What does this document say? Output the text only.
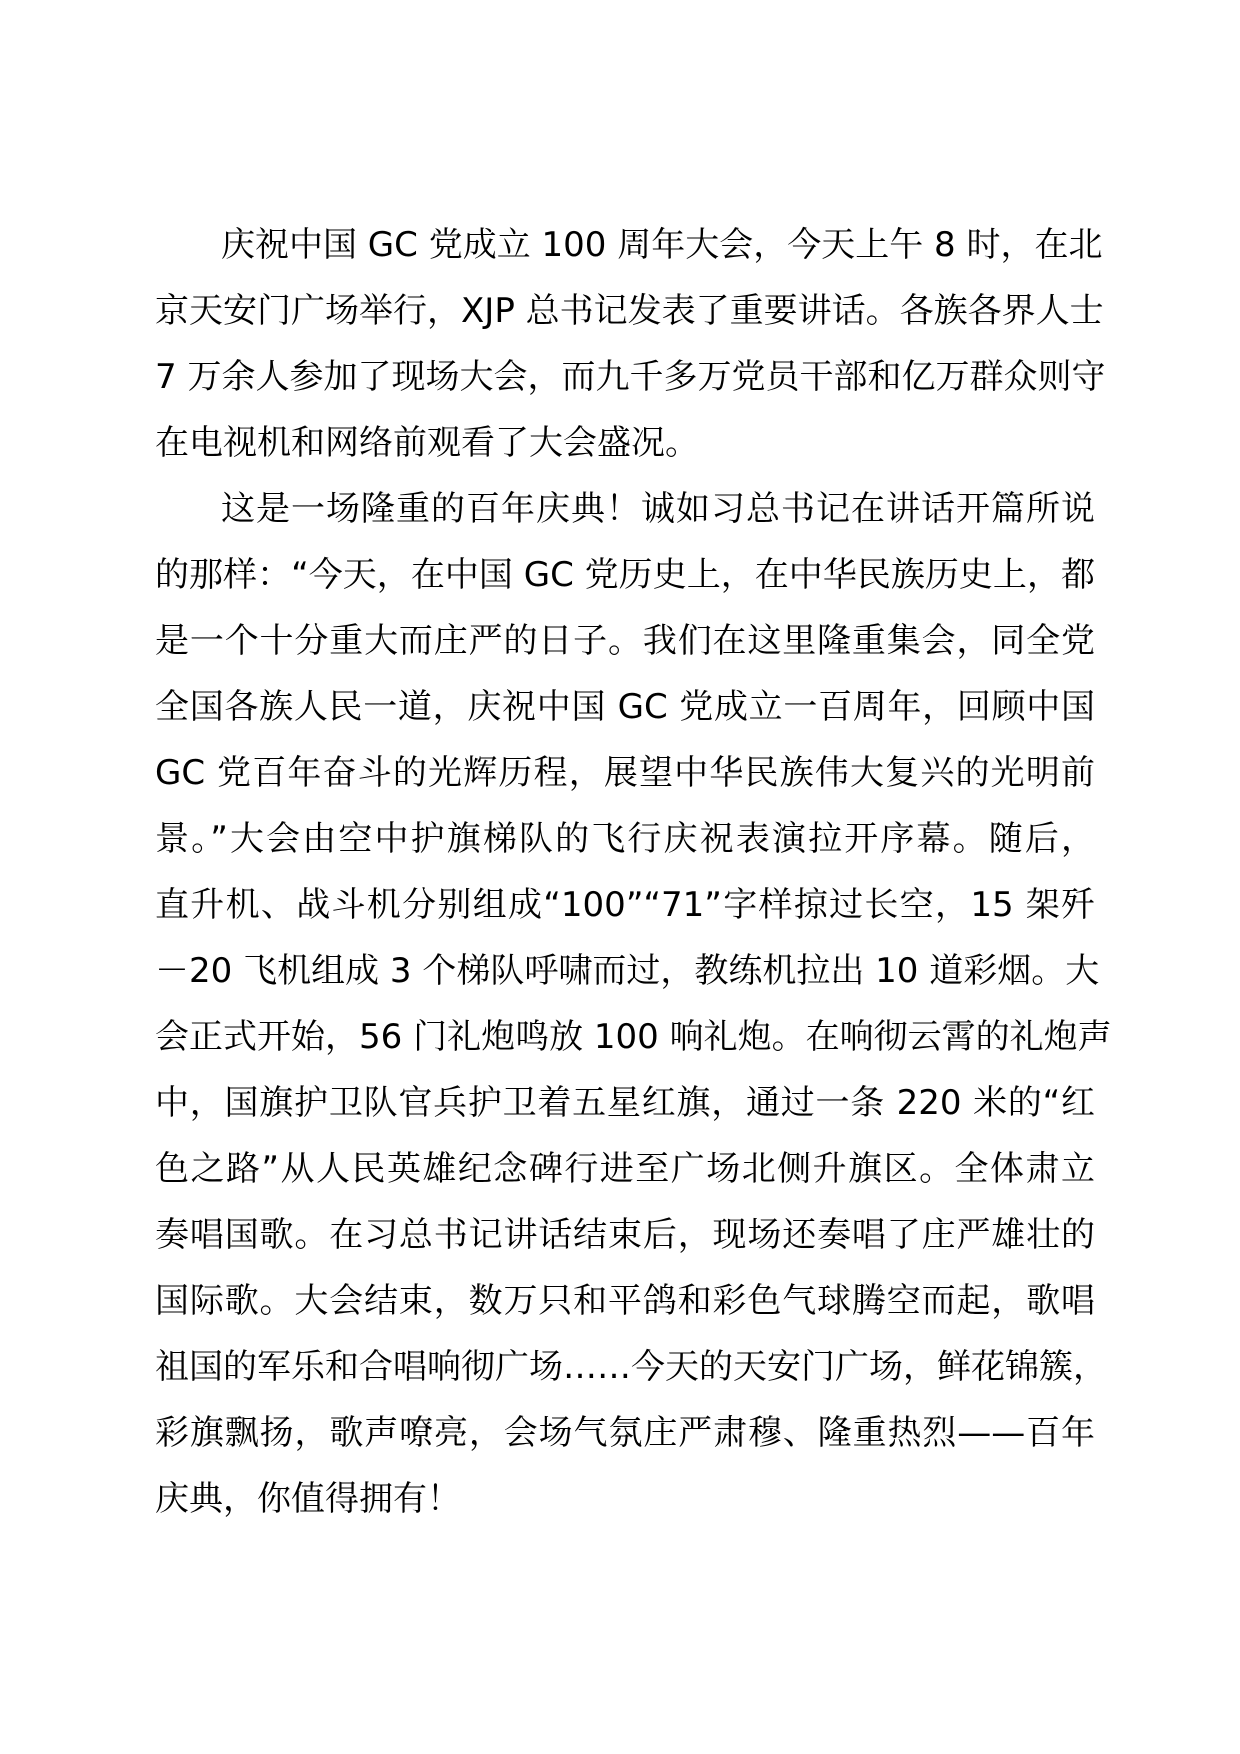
庆祝中国 GC 党成立 100 周年大会，今天上午 8 时，在北
京天安门广场举行，XJP 总书记发表了重要讲话。各族各界人士
7 万余人参加了现场大会，而九千多万党员干部和亿万群众则守
在电视机和网络前观看了大会盛况。
这是一场隆重的百年庆典！诚如习总书记在讲话开篇所说
的那样：“今天，在中国 GC 党历史上，在中华民族历史上，都
是一个十分重大而庄严的日子。我们在这里隆重集会，同全党
全国各族人民一道，庆祝中国 GC 党成立一百周年，回顾中国
GC 党百年奋斗的光辉历程，展望中华民族伟大复兴的光明前
景。”大会由空中护旗梯队的飞行庆祝表演拉开序幕。随后，
直升机、战斗机分别组成“100”“71”字样掠过长空，15 架歼
－20 飞机组成 3 个梯队呼啸而过，教练机拉出 10 道彩烟。大
会正式开始，56 门礼炮鸣放 100 响礼炮。在响彻云霄的礼炮声
中，国旗护卫队官兵护卫着五星红旗，通过一条 220 米的“红
色之路”从人民英雄纪念碑行进至广场北侧升旗区。全体肃立
奏唱国歌。在习总书记讲话结束后，现场还奏唱了庄严雄壮的
国际歌。大会结束，数万只和平鸽和彩色气球腾空而起，歌唱
祖国的军乐和合唱响彻广场……今天的天安门广场，鲜花锦簇，
彩旗飘扬，歌声嘹亮，会场气氛庄严肃穆、隆重热烈——百年
庆典，你值得拥有！
